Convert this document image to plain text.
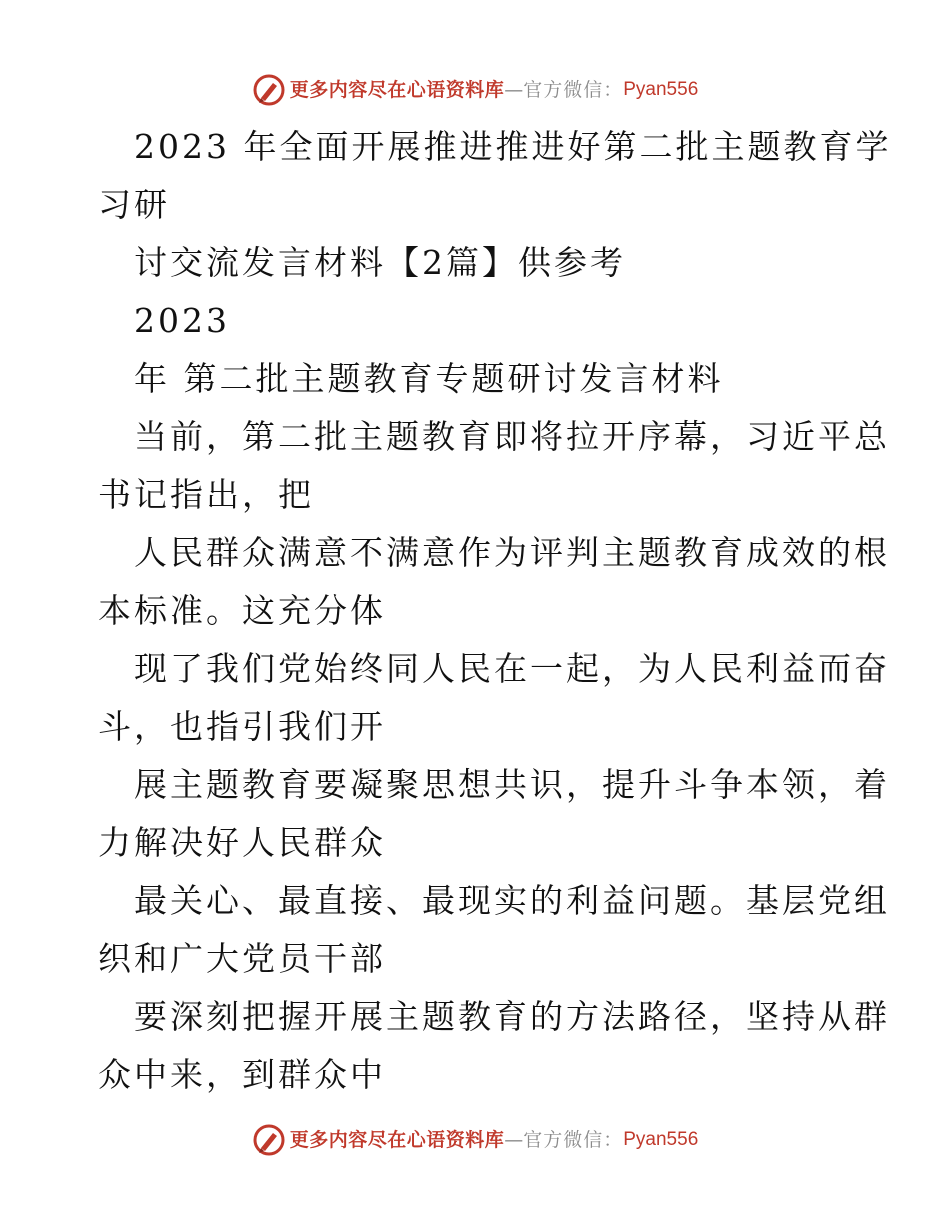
更多内容尽在心语资料库 — 官方微信： Pyan556
2023 年全面开展推进推进好第二批主题教育学
习研
讨交流发言材料【2篇】供参考
2023
年 第二批主题教育专题研讨发言材料
当前，第二批主题教育即将拉开序幕，习近平总
书记指出，把
人民群众满意不满意作为评判主题教育成效的根
本标准。这充分体
现了我们党始终同人民在一起，为人民利益而奋
斗，也指引我们开
展主题教育要凝聚思想共识，提升斗争本领，着
力解决好人民群众
最关心、最直接、最现实的利益问题。基层党组
织和广大党员干部
要深刻把握开展主题教育的方法路径，坚持从群
众中来，到群众中
更多内容尽在心语资料库 — 官方微信： Pyan556
